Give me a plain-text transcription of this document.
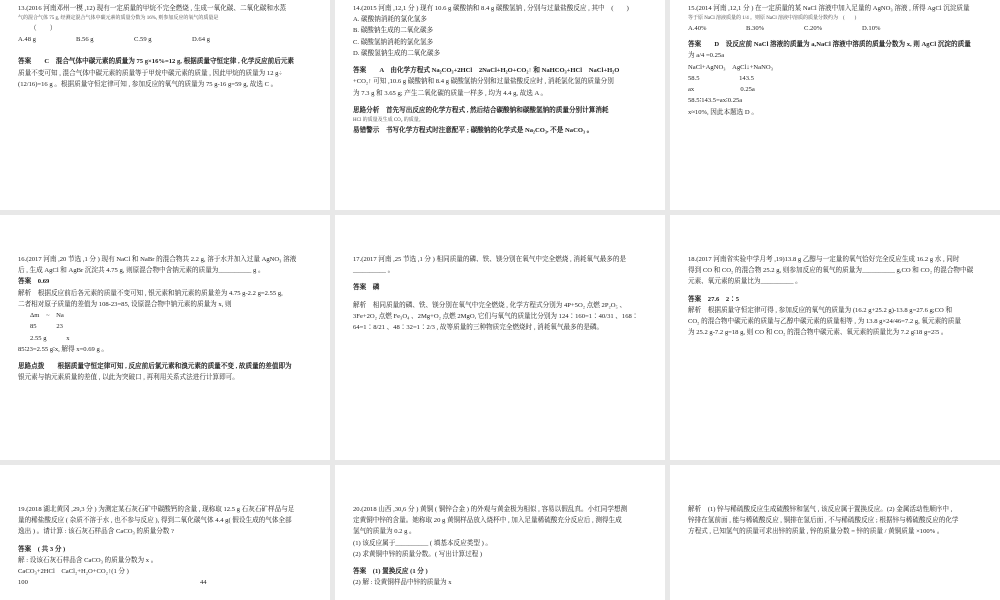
13.(2016 河南邓州一模 ,12) 现有一定质量的甲烷不完全燃烧 , 生成一氧化碳、二氧化碳和水蒸

气的混合气体 75 g, 经测定混合气体中碳元素的质量分数为 16%, 则参加反应的氧气的质量是

（　　）

A.48 g	B.56 g	C.59 g	D.64 g

答案　　C　混合气体中碳元素的质量为 75 g×16%=12 g, 根据质量守恒定律 , 化学反应前后元素

质量不变可知 , 混合气体中碳元素的质量等于甲烷中碳元素的质量 , 因此甲烷的质量为 12 g÷

(12/16)=16 g 。根据质量守恒定律可知 , 参加反应的氧气的质量为 75 g-16 g=59 g, 故选 C 。

14.(2015 河南 ,12,1 分 ) 现有 10.6 g 碳酸钠和 8.4 g 碳酸氢钠 , 分别与过量盐酸反应 , 其中　(　　)

A. 碳酸钠消耗的氯化氢多

B. 碳酸钠生成的二氧化碳多

C. 碳酸氢钠消耗的氯化氢多

D. 碳酸氢钠生成的二氧化碳多

答案　　A　由化学方程式 Na₂CO₃+2HCl　2NaCl+H₂O+CO₂↑ 和 NaHCO₃+HCl　NaCl+H₂O

+CO₂↑ 可知 ,10.6 g 碳酸钠和 8.4 g 碳酸氢钠分别和过量盐酸反应时 , 消耗氯化氢的质量分别

为 7.3 g 和 3.65 g; 产生二氧化碳的质量一样多 , 均为 4.4 g, 故选 A 。

思路分析　首先写出反应的化学方程式 , 然后结合碳酸钠和碳酸氢钠的质量分别计算消耗

HCl 的质量及生成 CO₂ 的质量。

易错警示　书写化学方程式时注意配平 ; 碳酸钠的化学式是 Na₂CO₃, 不是 NaCO₃ 。

15.(2014 河南 ,12,1 分 ) 在一定质量的某 NaCl 溶液中加入足量的 AgNO₃ 溶液 , 所得 AgCl 沉淀质量

等于原 NaCl 溶液质量的 1/4 。则原 NaCl 溶液中溶质的质量分数约为　(　　)

A.40%	B.30%	C.20%	D.10%

答案　　D　设反应前 NaCl 溶液的质量为 a,NaCl 溶液中溶质的质量分数为 x, 则 AgCl 沉淀的质量

为 a/4 =0.25a

NaCl+AgNO₃　AgCl↓+NaNO₃

58.5　　　　　　143.5

ax　　　　　　　0.25a

58.5∶143.5=ax∶0.25a

x≈10%, 因此本题选 D 。

16.(2017 河南 ,20 节选 ,1 分 ) 现有 NaCl 和 NaBr 的混合物共 2.2 g, 溶于水并加入过量 AgNO₃ 溶液

后 , 生成 AgCl 和 AgBr 沉淀共 4.75 g, 则原混合物中含钠元素的质量为__________ g 。

答案　0.69

解析　根据反应前后各元素的质量不变可知 , 银元素和钠元素的质量差为 4.75 g-2.2 g=2.55 g,

二者相对原子质量的差值为 108-23=85, 设原混合物中钠元素的质量为 x, 则

Δm　~　Na

85　　　23

2.55 g　　　x

85∶23=2.55 g∶x, 解得 x=0.69 g 。

思路点拨　　根据质量守恒定律可知 , 反应前后氯元素和溴元素的质量不变 , 故质量的差值即为

银元素与钠元素质量的差值 , 以此为突破口 , 再利用关系式法进行计算即可。

17.(2017 河南 ,25 节选 ,1 分 ) 相同质量的磷、铁、镁分别在氧气中完全燃烧 , 消耗氧气最多的是

__________ 。

答案　磷

解析　相同质量的磷、铁、镁分别在氧气中完全燃烧 , 化学方程式分别为 4P+5O₂ 点燃 2P₂O₅ 、

3Fe+2O₂ 点燃 Fe₃O₄ 、2Mg+O₂ 点燃 2MgO, 它们与氧气的质量比分别为 124∶160=1∶40/31 、168∶

64=1∶8/21 、48∶32=1∶2/3 , 故等质量的三种物质完全燃烧时 , 消耗氧气最多的是磷。

18.(2017 河南省实验中学月考 ,19)13.8 g 乙醇与一定量的氧气恰好完全反应生成 16.2 g 水 , 同时

得到 CO 和 CO₂ 的混合物 25.2 g, 则参加反应的氧气的质量为__________ g,CO 和 CO₂ 的混合物中碳

元素、氧元素的质量比为__________ 。

答案　27.6　2∶5

解析　根据质量守恒定律可得 , 参加反应的氧气的质量为 (16.2 g+25.2 g)-13.8 g=27.6 g;CO 和

CO₂ 的混合物中碳元素的质量与乙醇中碳元素的质量相等 , 为 13.8 g×24/46=7.2 g, 氧元素的质量

为 25.2 g-7.2 g=18 g, 则 CO 和 CO₂ 的混合物中碳元素、氧元素的质量比为 7.2 g∶18 g=2∶5 。

19.(2018 湖北黄冈 ,29,3 分 ) 为测定某石灰石矿中碳酸钙的含量 , 现称取 12.5 g 石灰石矿样品与足

量的稀盐酸反应 ( 杂质不溶于水 , 也不参与反应 ), 得到二氧化碳气体 4.4 g( 假设生成的气体全部

逸出 ) 。请计算 : 该石灰石样品含 CaCO₃ 的质量分数 ?

答案　( 共 3 分 )

解 : 设该石灰石样品含 CaCO₃ 的质量分数为 x 。

CaCO₃+2HCl　CaCl₂+H₂O+CO₂↑(1 分 )

100	44

20.(2018 山西 ,30,6 分 ) 黄铜 ( 铜锌合金 ) 的外观与黄金极为相似 , 容易以假乱真。小红同学想测

定黄铜中锌的含量。她称取 20 g 黄铜样品放入烧杯中 , 加入足量稀硫酸充分反应后 , 测得生成

氢气的质量为 0.2 g 。

(1) 该反应属于__________ ( 填基本反应类型 ) 。

(2) 求黄铜中锌的质量分数。( 写出计算过程 )

答案　(1) 置换反应 (1 分 )

(2) 解 : 设黄铜样品中锌的质量为 x

解析　(1) 锌与稀硫酸反应生成硫酸锌和氢气 , 该反应属于置换反应。(2) 金属活动性顺序中 ,

锌排在氢前面 , 能与稀硫酸反应 , 铜排在氢后面 , 不与稀硫酸反应 ; 根据锌与稀硫酸反应的化学

方程式 , 已知氢气的质量可求出锌的质量 , 锌的质量分数 = 锌的质量 / 黄铜质量 ×100% 。
